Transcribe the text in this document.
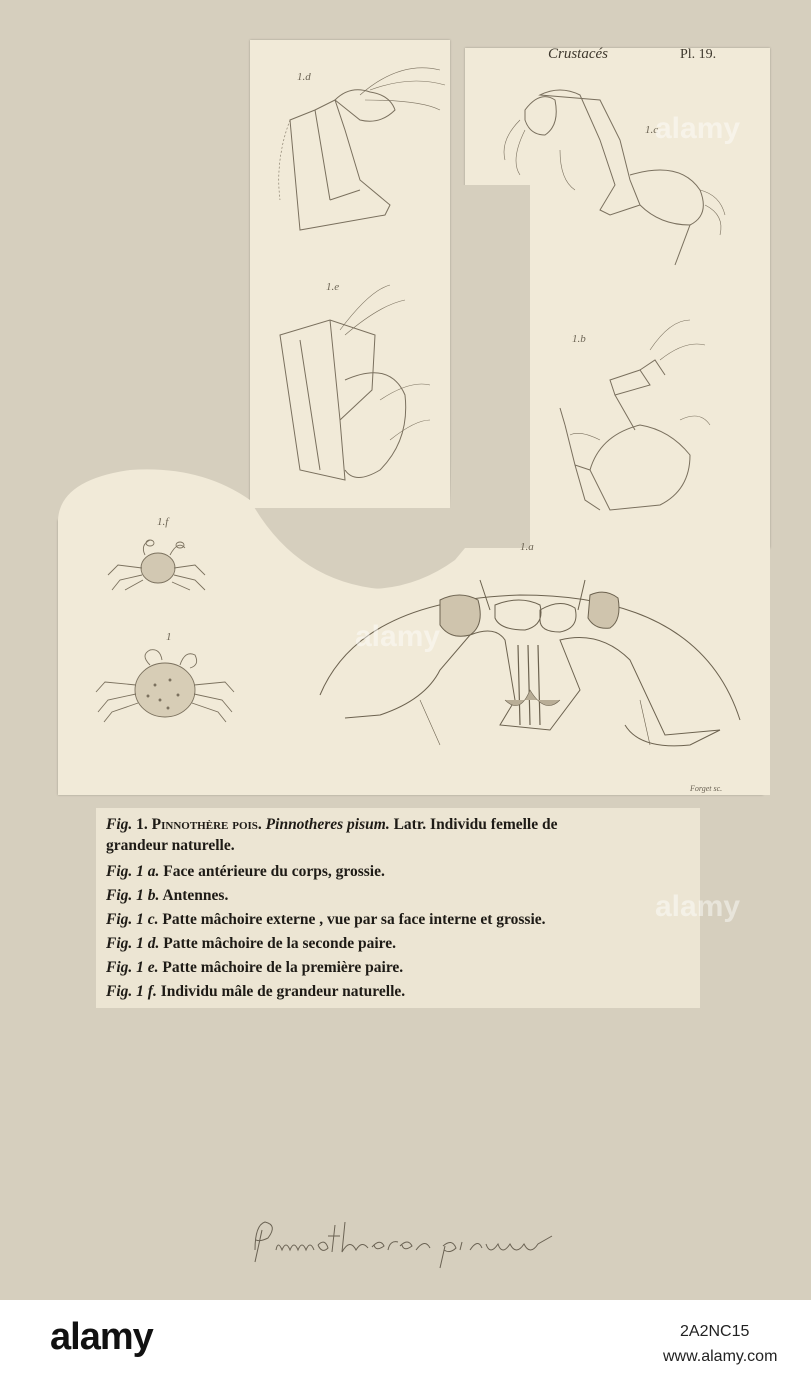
1.d
1.e
1.c
1.b
1.a
1.f
1
Crustacés	Pl. 19.
Forget sc.
Fig. 1. Pinnothère pois. Pinnotheres pisum. Latr. Individu femelle de
grandeur naturelle.
Fig. 1 a. Face antérieure du corps, grossie.
Fig. 1 b. Antennes.
Fig. 1 c. Patte mâchoire externe , vue par sa face interne et grossie.
Fig. 1 d. Patte mâchoire de la seconde paire.
Fig. 1 e. Patte mâchoire de la première paire.
Fig. 1 f. Individu mâle de grandeur naturelle.
alamy
alamy
alamy
alamy	2A2NC15
www.alamy.com
